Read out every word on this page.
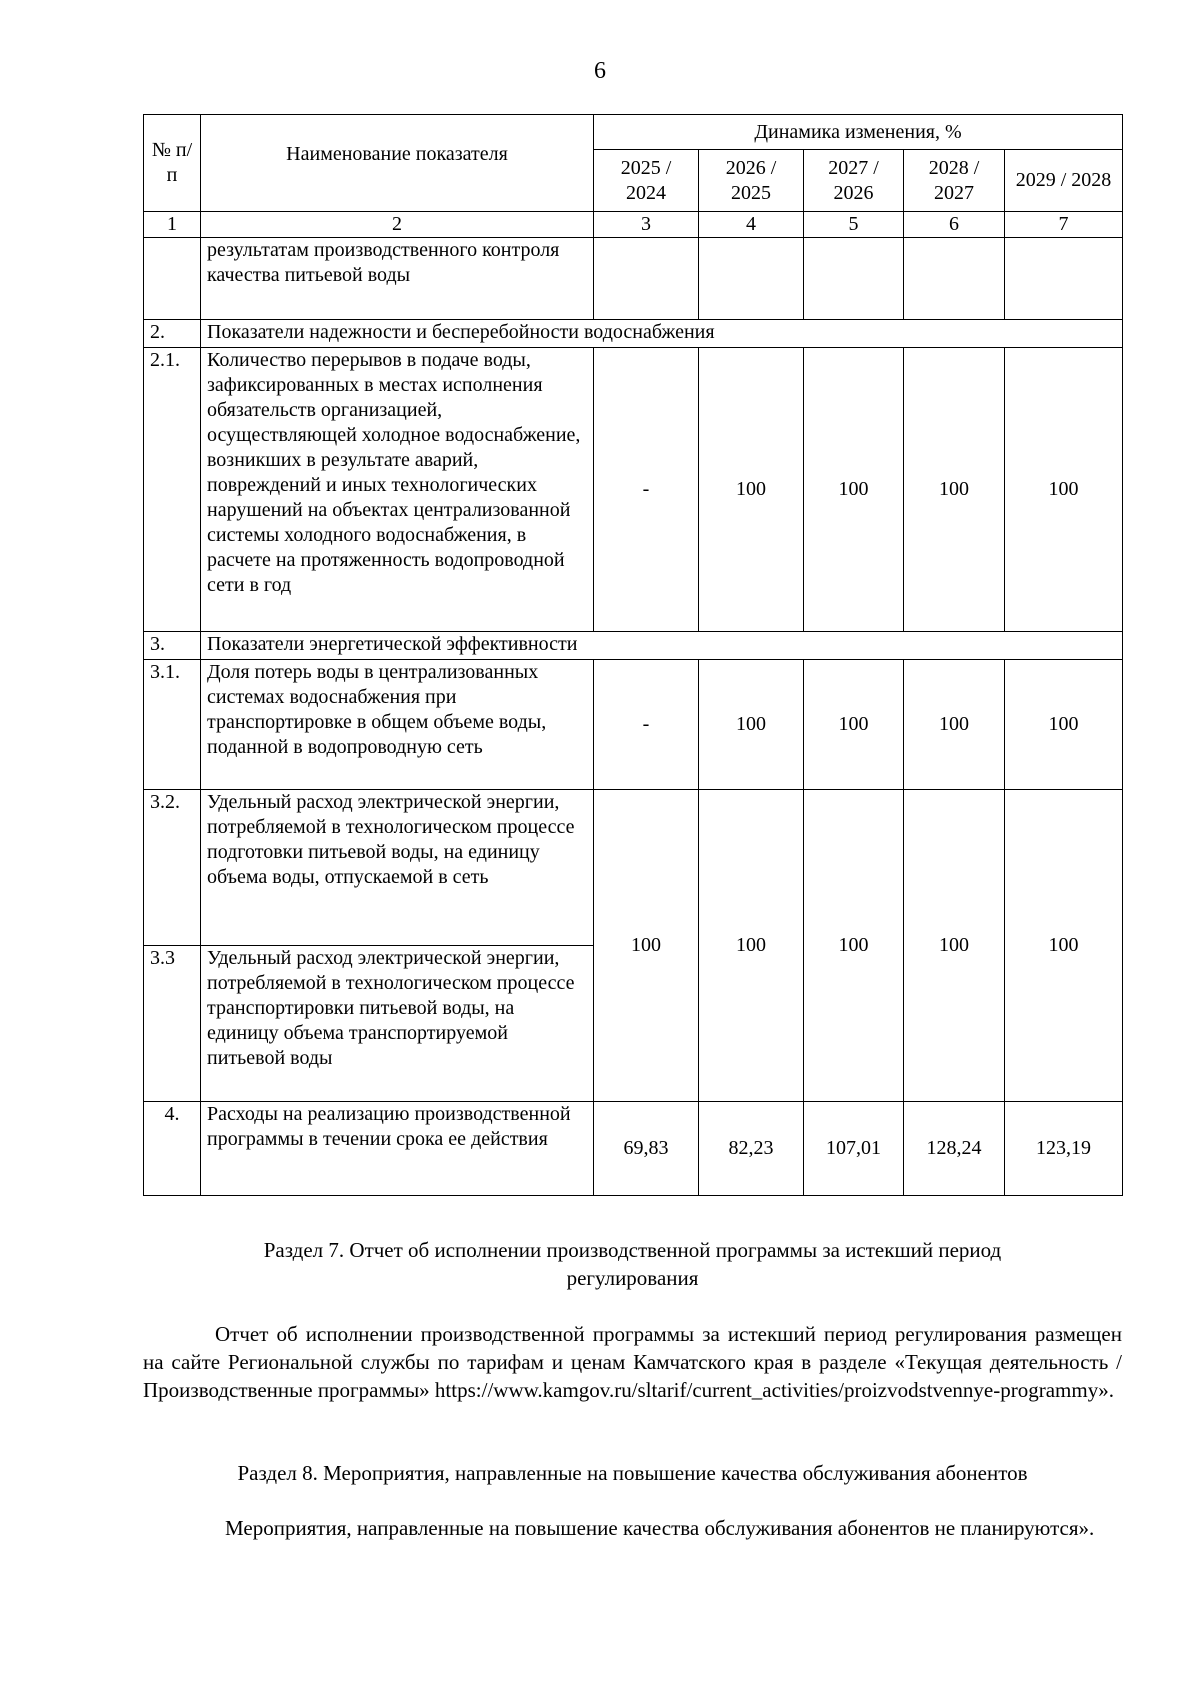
6
№ п/п	Наименование показателя	Динамика изменения, %				
		2025 / 2024	2026 / 2025	2027 / 2026	2028 / 2027	2029 / 2028
1	2	3	4	5	6	7
	результатам производственного контроля качества питьевой воды					
2.	Показатели надежности и бесперебойности водоснабжения					
2.1.	Количество перерывов в подаче воды, зафиксированных в местах исполнения обязательств организацией, осуществляющей холодное водоснабжение, возникших в результате аварий, повреждений и иных технологических нарушений на объектах централизованной системы холодного водоснабжения, в расчете на протяженность водопроводной сети в год	-	100	100	100	100
3.	Показатели энергетической эффективности					
3.1.	Доля потерь воды в централизованных системах водоснабжения при транспортировке в общем объеме воды, поданной в водопроводную сеть	-	100	100	100	100
3.2.	Удельный расход электрической энергии, потребляемой в технологическом процессе подготовки питьевой воды, на единицу объема воды, отпускаемой в сеть	100	100	100	100	100
3.3	Удельный расход электрической энергии, потребляемой в технологическом процессе транспортировки питьевой воды, на единицу объема транспортируемой питьевой воды					
4.	Расходы на реализацию производственной программы в течении срока ее действия	69,83	82,23	107,01	128,24	123,19
Раздел 7. Отчет об исполнении производственной программы за истекший период регулирования
Отчет об исполнении производственной программы за истекший период регулирования размещен на сайте Региональной службы по тарифам и ценам Камчатского края в разделе «Текущая деятельность / Производственные программы» https://www.kamgov.ru/sltarif/current_activities/proizvodstvennye-programmy».
Раздел 8. Мероприятия, направленные на повышение качества обслуживания абонентов
Мероприятия, направленные на повышение качества обслуживания абонентов не планируются».
